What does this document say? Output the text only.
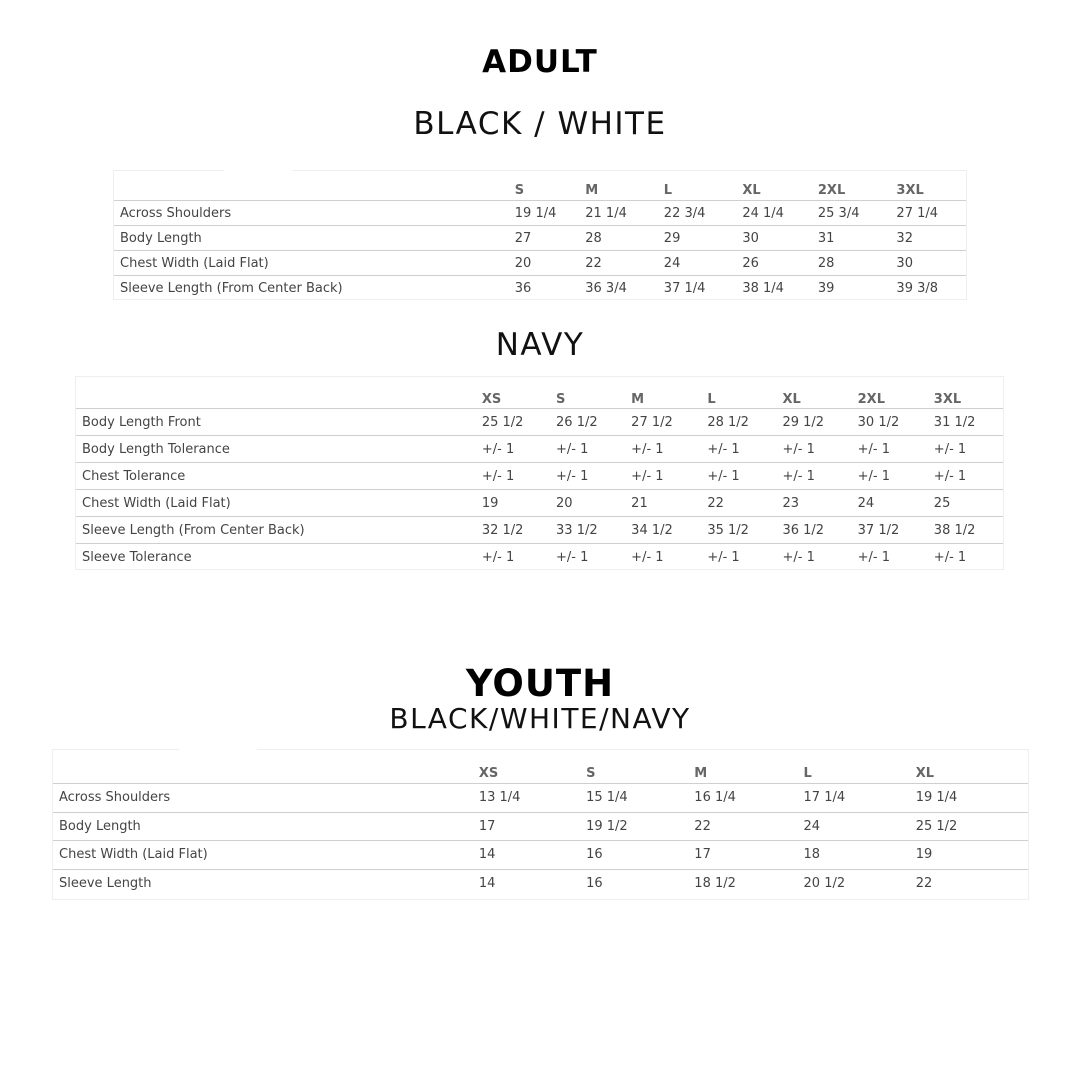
ADULT
BLACK / WHITE
	S	M	L	XL	2XL	3XL
Across Shoulders	19 1/4	21 1/4	22 3/4	24 1/4	25 3/4	27 1/4
Body Length	27	28	29	30	31	32
Chest Width (Laid Flat)	20	22	24	26	28	30
Sleeve Length (From Center Back)	36	36 3/4	37 1/4	38 1/4	39	39 3/8
NAVY
	XS	S	M	L	XL	2XL	3XL
Body Length Front	25 1/2	26 1/2	27 1/2	28 1/2	29 1/2	30 1/2	31 1/2
Body Length Tolerance	+/- 1	+/- 1	+/- 1	+/- 1	+/- 1	+/- 1	+/- 1
Chest Tolerance	+/- 1	+/- 1	+/- 1	+/- 1	+/- 1	+/- 1	+/- 1
Chest Width (Laid Flat)	19	20	21	22	23	24	25
Sleeve Length (From Center Back)	32 1/2	33 1/2	34 1/2	35 1/2	36 1/2	37 1/2	38 1/2
Sleeve Tolerance	+/- 1	+/- 1	+/- 1	+/- 1	+/- 1	+/- 1	+/- 1
YOUTH
BLACK/WHITE/NAVY
	XS	S	M	L	XL
Across Shoulders	13 1/4	15 1/4	16 1/4	17 1/4	19 1/4
Body Length	17	19 1/2	22	24	25 1/2
Chest Width (Laid Flat)	14	16	17	18	19
Sleeve Length	14	16	18 1/2	20 1/2	22
